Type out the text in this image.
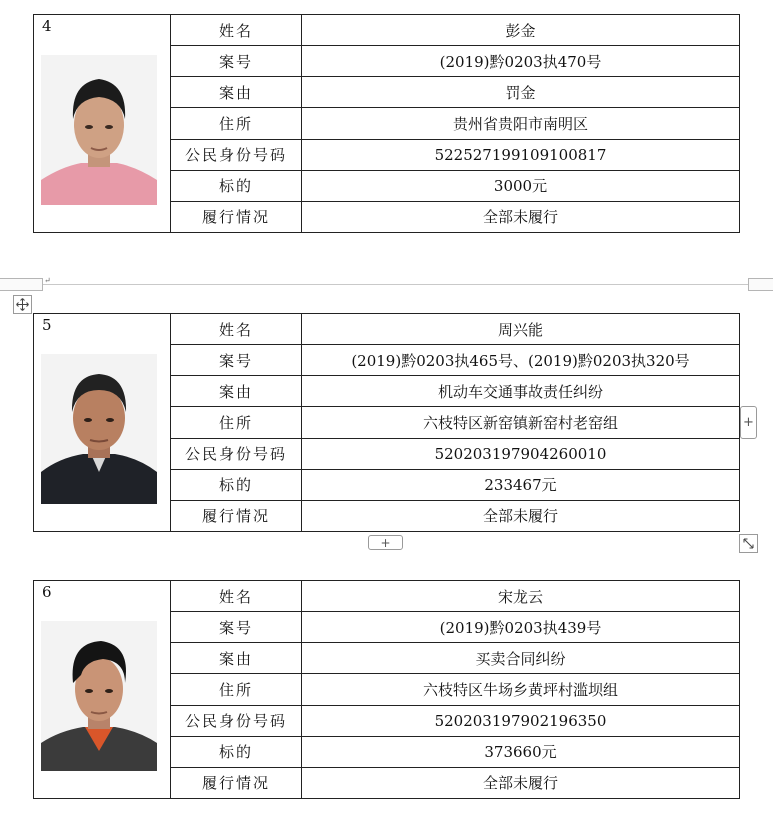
4	姓名	彭金
	案号	(2019)黔0203执470号
	案由	罚金
	住所	贵州省贵阳市南明区
	公民身份号码	522527199109100817
	标的	3000元
	履行情况	全部未履行
↵
5	姓名	周兴能
	案号	(2019)黔0203执465号、(2019)黔0203执320号
	案由	机动车交通事故责任纠纷
	住所	六枝特区新窑镇新窑村老窑组
	公民身份号码	520203197904260010
	标的	233467元
	履行情况	全部未履行
+
+
6	姓名	宋龙云
	案号	(2019)黔0203执439号
	案由	买卖合同纠纷
	住所	六枝特区牛场乡黄坪村滥坝组
	公民身份号码	520203197902196350
	标的	373660元
	履行情况	全部未履行
